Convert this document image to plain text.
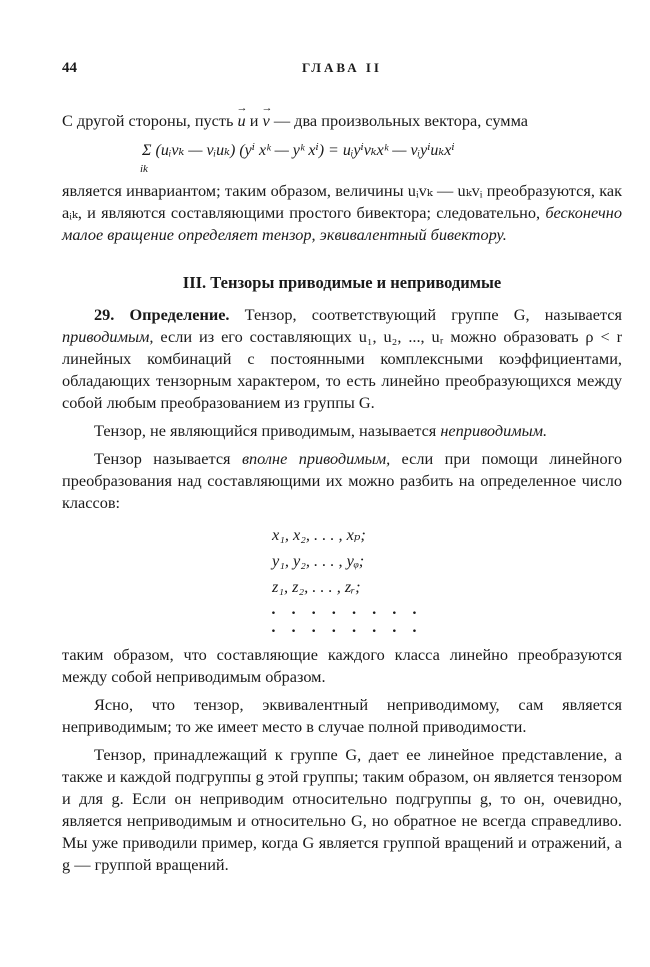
44	ГЛАВА II

С другой стороны, пусть → u и → v — два произвольных вектора, сумма

Σ (uᵢvₖ — vᵢuₖ) (yⁱ xᵏ — yᵏ xⁱ) = uᵢyⁱvₖxᵏ — vᵢyⁱuₖxⁱ
ik

является инвариантом; таким образом, величины uᵢvₖ — uₖvᵢ преобразуются, как aᵢₖ, и являются составляющими простого бивектора; следовательно, бесконечно малое вращение определяет тензор, эквивалентный бивектору.

III. Тензоры приводимые и неприводимые

29. Определение. Тензор, соответствующий группе G, называется приводимым, если из его составляющих u₁, u₂, ..., uᵣ можно образовать ρ < r линейных комбинаций с постоянными комплексными коэффициентами, обладающих тензорным характером, то есть линейно преобразующихся между собой любым преобразованием из группы G.

Тензор, не являющийся приводимым, называется неприводимым.

Тензор называется вполне приводимым, если при помощи линейного преобразования над составляющими их можно разбить на определенное число классов:

x₁, x₂, . . . , xₚ;
y₁, y₂, . . . , yᵩ;
z₁, z₂, . . . , zᵣ;
. . . . . . . .
. . . . . . . .

таким образом, что составляющие каждого класса линейно преобразуются между собой неприводимым образом.

Ясно, что тензор, эквивалентный неприводимому, сам является неприводимым; то же имеет место в случае полной приводимости.

Тензор, принадлежащий к группе G, дает ее линейное представление, а также и каждой подгруппы g этой группы; таким образом, он является тензором и для g. Если он неприводим относительно подгруппы g, то он, очевидно, является неприводимым и относительно G, но обратное не всегда справедливо. Мы уже приводили пример, когда G является группой вращений и отражений, а g — группой вращений.
